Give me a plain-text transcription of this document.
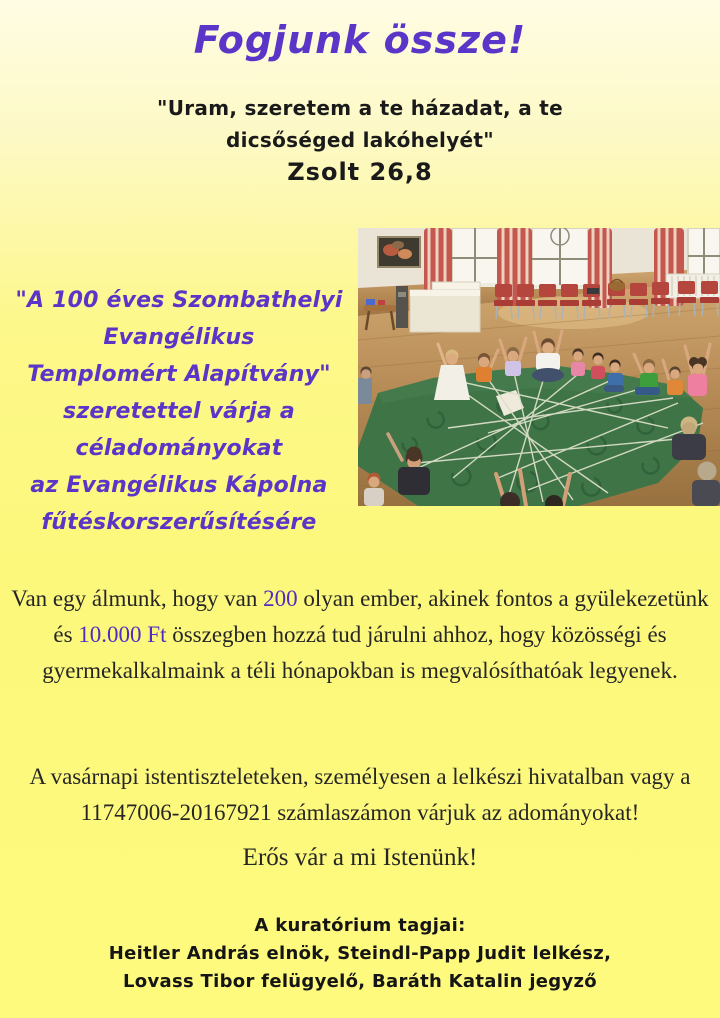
Fogjunk össze!
"Uram, szeretem a te házadat, a te
dicsőséged lakóhelyét"
Zsolt 26,8
"A 100 éves Szombathelyi Evangélikus
Templomért Alapítvány"
szeretettel várja a céladományokat
az Evangélikus Kápolna
fűtéskorszerűsítésére

Van egy álmunk, hogy van 200 olyan ember, akinek fontos a gyülekezetünk és 10.000 Ft összegben hozzá tud járulni ahhoz, hogy közösségi és gyermekalkalmaink a téli hónapokban is megvalósíthatóak legyenek.

A vasárnapi istentiszteleteken, személyesen a lelkészi hivatalban vagy a 11747006-20167921 számlaszámon várjuk az adományokat!

Erős vár a mi Istenünk!
A kuratórium tagjai:
Heitler András elnök, Steindl-Papp Judit lelkész,
Lovass Tibor felügyelő, Baráth Katalin jegyző
